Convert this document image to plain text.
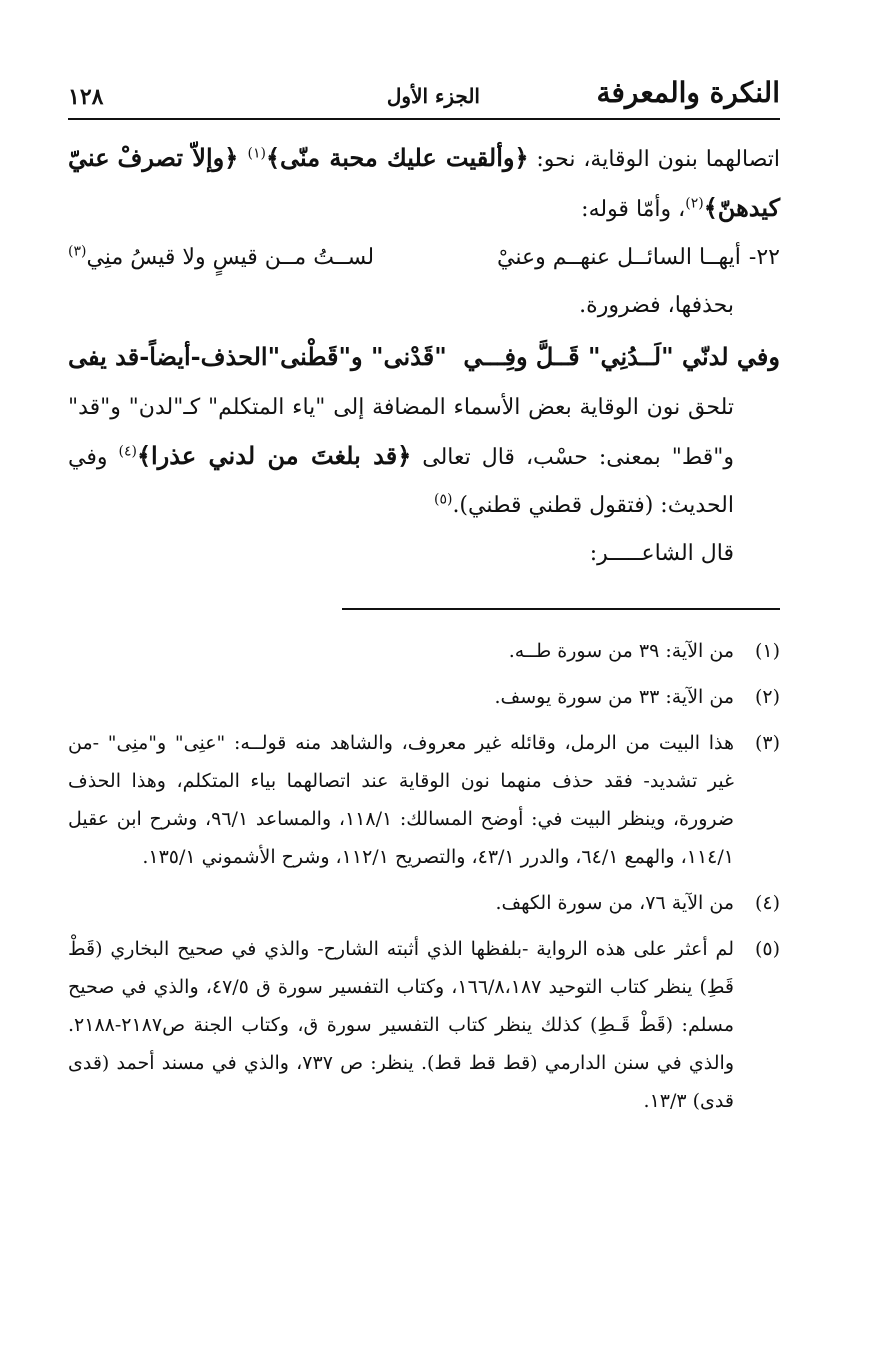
النكرة والمعرفة
الجزء الأول
١٢٨

اتصالهما بنون الوقاية، نحو: ﴿وألقيت عليك محبة منّى﴾$^{(١)}$ ﴿وإلاّ تصرفْ عنيّ كيدهنّ﴾$^{(٢)}$، وأمّا قوله:

٢٢-أيهــا السائــل عنهــم وعنيْ
لســتُ مــن قيسٍ ولا قيسُ منِي$^{(٣)}$

بحذفها، فضرورة.

وفي لدنّي "لَــدُنِي" قَــلَّ وفِـــي
"قَدْنى" و"قَطْنى"الحذف-أيضاً-قد يفى

تلحق نون الوقاية بعض الأسماء المضافة إلى "ياء المتكلم" كـ"لدن" و"قد" و"قط" بمعنى: حسْب، قال تعالى ﴿قد بلغتَ من لدني عذرا﴾$^{(٤)}$ وفي الحديث: (فتقول قطني قطني).$^{(٥)}$

قال الشاعـــــر:

(١)
من الآية: ٣٩ من سورة طــه.
(٢)
من الآية: ٣٣ من سورة يوسف.
(٣)
هذا البيت من الرمل، وقائله غير معروف، والشاهد منه قولــه: "عنِى" و"منِى" -من غير تشديد- فقد حذف منهما نون الوقاية عند اتصالهما بياء المتكلم، وهذا الحذف ضرورة، وينظر البيت في: أوضح المسالك: ١١٨/١، والمساعد ٩٦/١، وشرح ابن عقيل ١١٤/١، والهمع ٦٤/١، والدرر ٤٣/١، والتصريح ١١٢/١، وشرح الأشموني ١٣٥/١.
(٤)
من الآية ٧٦، من سورة الكهف.
(٥)
لم أعثر على هذه الرواية -بلفظها الذي أثبته الشارح- والذي في صحيح البخاري (قَطْ قَطِ) ينظر كتاب التوحيد ١٦٦/٨،١٨٧، وكتاب التفسير سورة ق ٤٧/٥، والذي في صحيح مسلم: (قَطْ قَـطِ) كذلك ينظر كتاب التفسير سورة ق، وكتاب الجنة ص٢١٨٧-٢١٨٨. والذي في سنن الدارمي (قط قط قط). ينظر: ص ٧٣٧، والذي في مسند أحمد (قدى قدى) ١٣/٣.
